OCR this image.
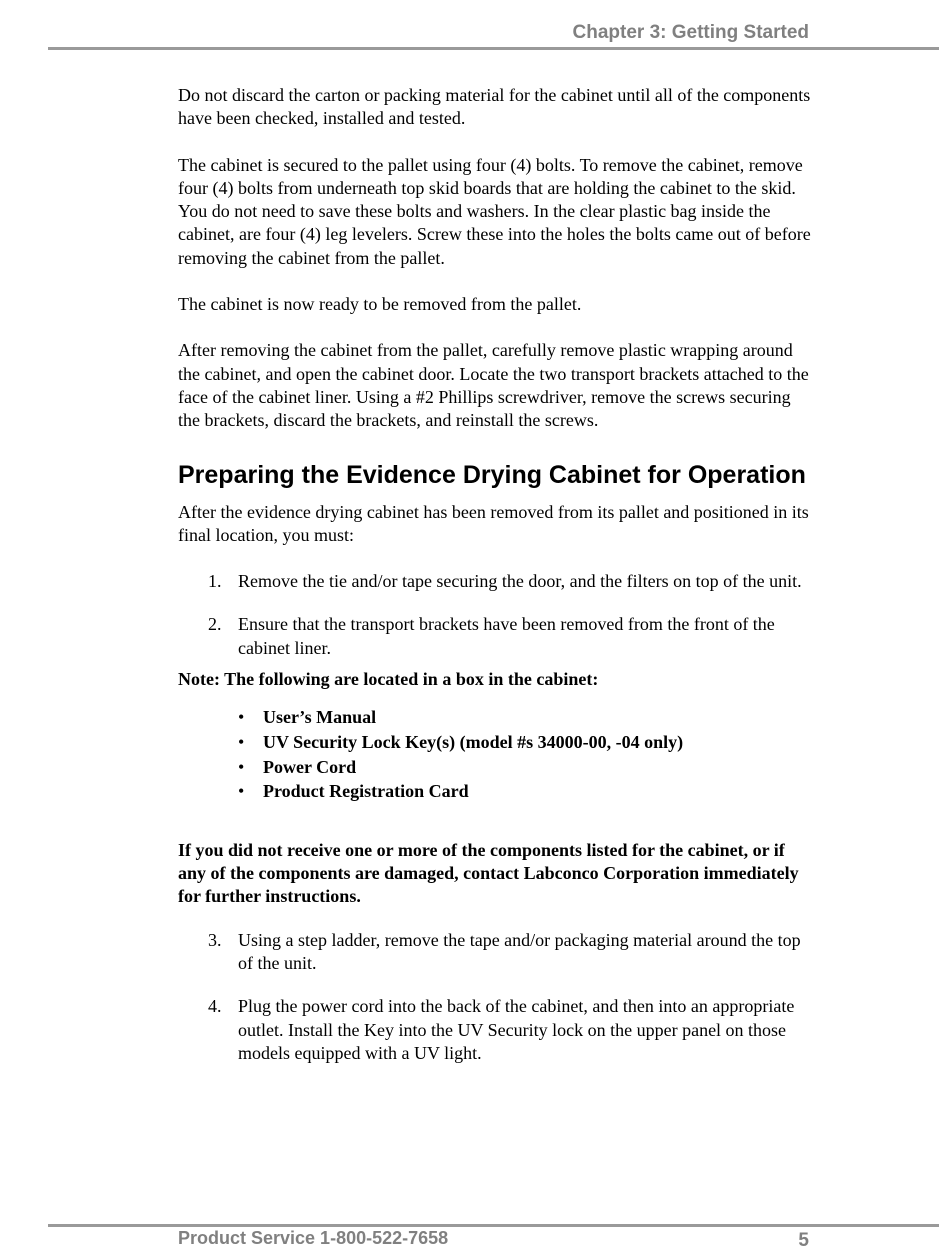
Chapter 3: Getting Started

Do not discard the carton or packing material for the cabinet until all of the components have been checked, installed and tested.

The cabinet is secured to the pallet using four (4) bolts. To remove the cabinet, remove four (4) bolts from underneath top skid boards that are holding the cabinet to the skid. You do not need to save these bolts and washers. In the clear plastic bag inside the cabinet, are four (4) leg levelers. Screw these into the holes the bolts came out of before removing the cabinet from the pallet.

The cabinet is now ready to be removed from the pallet.

After removing the cabinet from the pallet, carefully remove plastic wrapping around the cabinet, and open the cabinet door. Locate the two transport brackets attached to the face of the cabinet liner. Using a #2 Phillips screwdriver, remove the screws securing the brackets, discard the brackets, and reinstall the screws.

Preparing the Evidence Drying Cabinet for Operation

After the evidence drying cabinet has been removed from its pallet and positioned in its final location, you must:

1. Remove the tie and/or tape securing the door, and the filters on top of the unit.
2. Ensure that the transport brackets have been removed from the front of the cabinet liner.
Note: The following are located in a box in the cabinet:
• User’s Manual
• UV Security Lock Key(s) (model #s 34000-00, -04 only)
• Power Cord
• Product Registration Card
If you did not receive one or more of the components listed for the cabinet, or if any of the components are damaged, contact Labconco Corporation immediately for further instructions.
3. Using a step ladder, remove the tape and/or packaging material around the top of the unit.
4. Plug the power cord into the back of the cabinet, and then into an appropriate outlet. Install the Key into the UV Security lock on the upper panel on those models equipped with a UV light.
Product Service 1-800-522-7658	5
